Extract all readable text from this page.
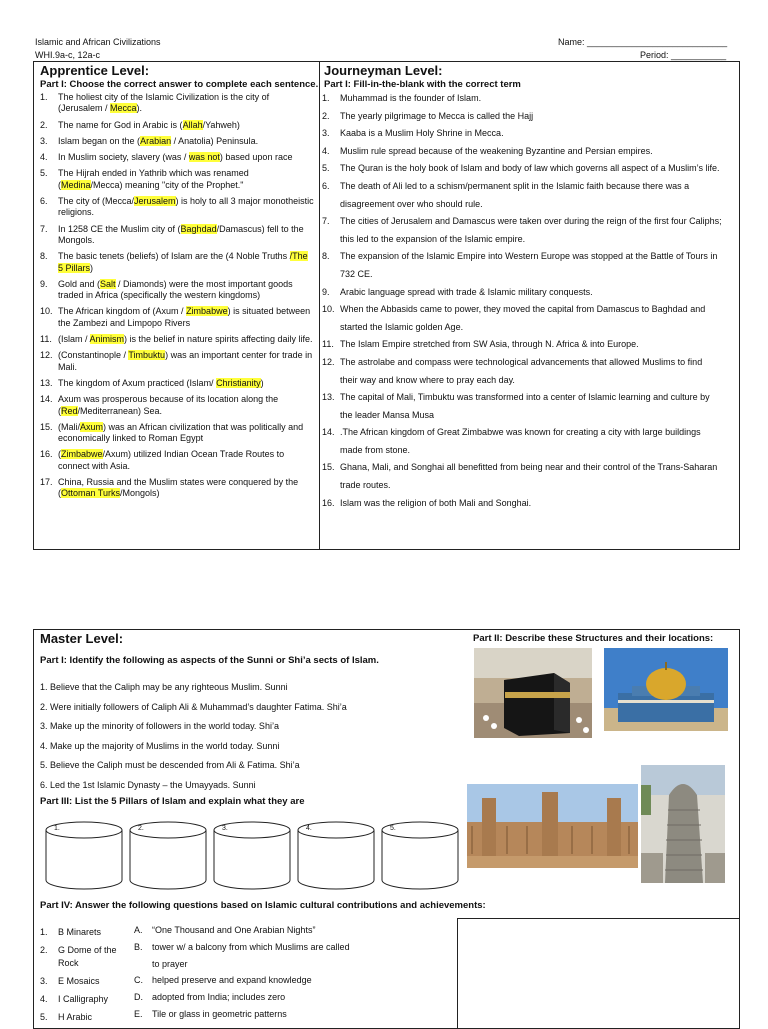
Islamic and African Civilizations
WHI.9a-c, 12a-c
Name: ____________________________
Period: ___________
Apprentice Level:
Part I: Choose the correct answer to complete each sentence.
1. The holiest city of the Islamic Civilization is the city of (Jerusalem / Mecca).
2. The name for God in Arabic is (Allah/Yahweh)
3. Islam began on the (Arabian / Anatolia) Peninsula.
4. In Muslim society, slavery (was / was not) based upon race
5. The Hijrah ended in Yathrib which was renamed (Medina/Mecca) meaning "city of the Prophet."
6. The city of (Mecca/Jerusalem) is holy to all 3 major monotheistic religions.
7. In 1258 CE the Muslim city of (Baghdad/Damascus) fell to the Mongols.
8. The basic tenets (beliefs) of Islam are the (4 Noble Truths /The 5 Pillars)
9. Gold and (Salt / Diamonds) were the most important goods traded in Africa (specifically the western kingdoms)
10. The African kingdom of (Axum / Zimbabwe) is situated between the Zambezi and Limpopo Rivers
11. (Islam / Animism) is the belief in nature spirits affecting daily life.
12. (Constantinople / Timbuktu) was an important center for trade in Mali.
13. The kingdom of Axum practiced (Islam/ Christianity)
14. Axum was prosperous because of its location along the (Red/Mediterranean) Sea.
15. (Mali/Axum) was an African civilization that was politically and economically linked to Roman Egypt
16. (Zimbabwe/Axum) utilized Indian Ocean Trade Routes to connect with Asia.
17. China, Russia and the Muslim states were conquered by the (Ottoman Turks/Mongols)
Journeyman Level:
Part I: Fill-in-the-blank with the correct term
1. Muhammad is the founder of Islam.
2. The yearly pilgrimage to Mecca is called the Hajj
3. Kaaba is a Muslim Holy Shrine in Mecca.
4. Muslim rule spread because of the weakening Byzantine and Persian empires.
5. The Quran is the holy book of Islam and body of law which governs all aspect of a Muslim’s life.
6. The death of Ali led to a schism/permanent split in the Islamic faith because there was a disagreement over who should rule.
7. The cities of Jerusalem and Damascus were taken over during the reign of the first four Caliphs; this led to the expansion of the Islamic empire.
8. The expansion of the Islamic Empire into Western Europe was stopped at the Battle of Tours in 732 CE.
9. Arabic language spread with trade & Islamic military conquests.
10. When the Abbasids came to power, they moved the capital from Damascus to Baghdad and started the Islamic golden Age.
11. The Islam Empire stretched from SW Asia, through N. Africa & into Europe.
12. The astrolabe and compass were technological advancements that allowed Muslims to find their way and know where to pray each day.
13. The capital of Mali, Timbuktu was transformed into a center of Islamic learning and culture by the leader Mansa Musa
14. .The African kingdom of Great Zimbabwe was known for creating a city with large buildings made from stone.
15. Ghana, Mali, and Songhai all benefitted from being near and their control of the Trans-Saharan trade routes.
16. Islam was the religion of both Mali and Songhai.
Master Level:
Part I: Identify the following as aspects of the Sunni or Shi’a sects of Islam.
1. Believe that the Caliph may be any righteous Muslim. Sunni
2. Were initially followers of Caliph Ali & Muhammad’s daughter Fatima. Shi’a
3. Make up the minority of followers in the world today. Shi’a
4. Make up the majority of Muslims in the world today. Sunni
5. Believe the Caliph must be descended from Ali & Fatima. Shi’a
6. Led the 1st Islamic Dynasty – the Umayyads. Sunni
Part II: Describe these Structures and their locations:
Part III: List the 5 Pillars of Islam and explain what they are
1.	2.	3.	4.	5.
Part IV: Answer the following questions based on Islamic cultural contributions and achievements:
1. B Minarets
2. G Dome of the Rock
3. E Mosaics
4. I Calligraphy
5. H Arabic
A. “One Thousand and One Arabian Nights”
B. tower w/ a balcony from which Muslims are called to prayer
C. helped preserve and expand knowledge
D. adopted from India; includes zero
E. Tile or glass in geometric patterns
